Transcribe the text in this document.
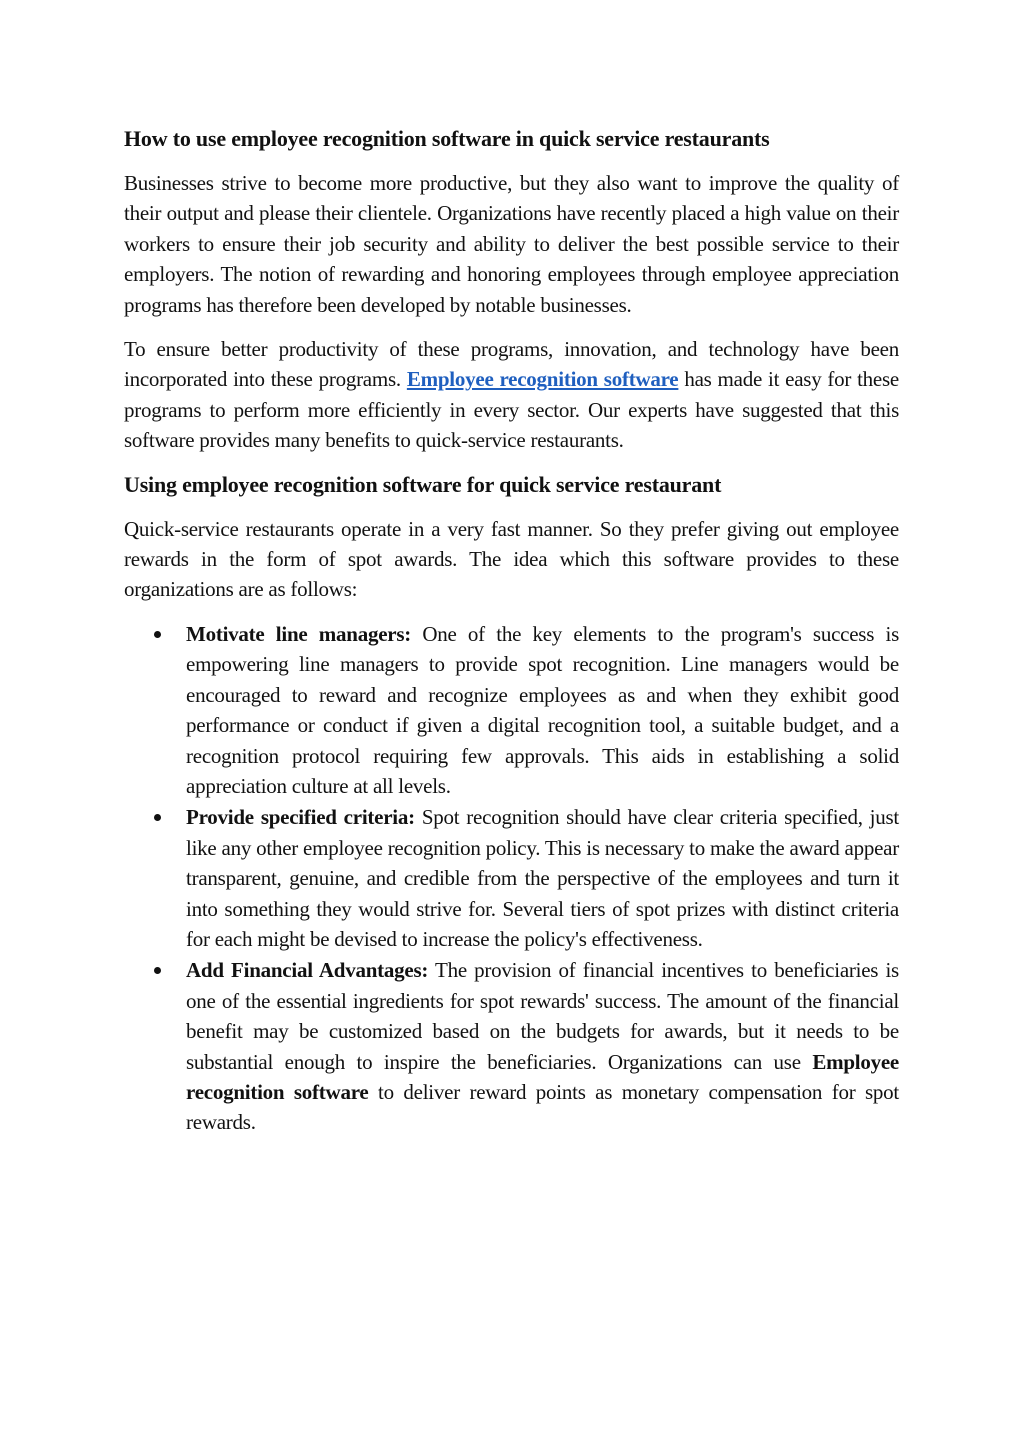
How to use employee recognition software in quick service restaurants

Businesses strive to become more productive, but they also want to improve the quality of their output and please their clientele. Organizations have recently placed a high value on their workers to ensure their job security and ability to deliver the best possible service to their employers. The notion of rewarding and honoring employees through employee appreciation programs has therefore been developed by notable businesses.

To ensure better productivity of these programs, innovation, and technology have been incorporated into these programs. Employee recognition software has made it easy for these programs to perform more efficiently in every sector. Our experts have suggested that this software provides many benefits to quick-service restaurants.

Using employee recognition software for quick service restaurant

Quick-service restaurants operate in a very fast manner. So they prefer giving out employee rewards in the form of spot awards. The idea which this software provides to these organizations are as follows:

Motivate line managers: One of the key elements to the program's success is empowering line managers to provide spot recognition. Line managers would be encouraged to reward and recognize employees as and when they exhibit good performance or conduct if given a digital recognition tool, a suitable budget, and a recognition protocol requiring few approvals. This aids in establishing a solid appreciation culture at all levels.
Provide specified criteria: Spot recognition should have clear criteria specified, just like any other employee recognition policy. This is necessary to make the award appear transparent, genuine, and credible from the perspective of the employees and turn it into something they would strive for. Several tiers of spot prizes with distinct criteria for each might be devised to increase the policy's effectiveness.
Add Financial Advantages: The provision of financial incentives to beneficiaries is one of the essential ingredients for spot rewards' success. The amount of the financial benefit may be customized based on the budgets for awards, but it needs to be substantial enough to inspire the beneficiaries. Organizations can use Employee recognition software to deliver reward points as monetary compensation for spot rewards.
